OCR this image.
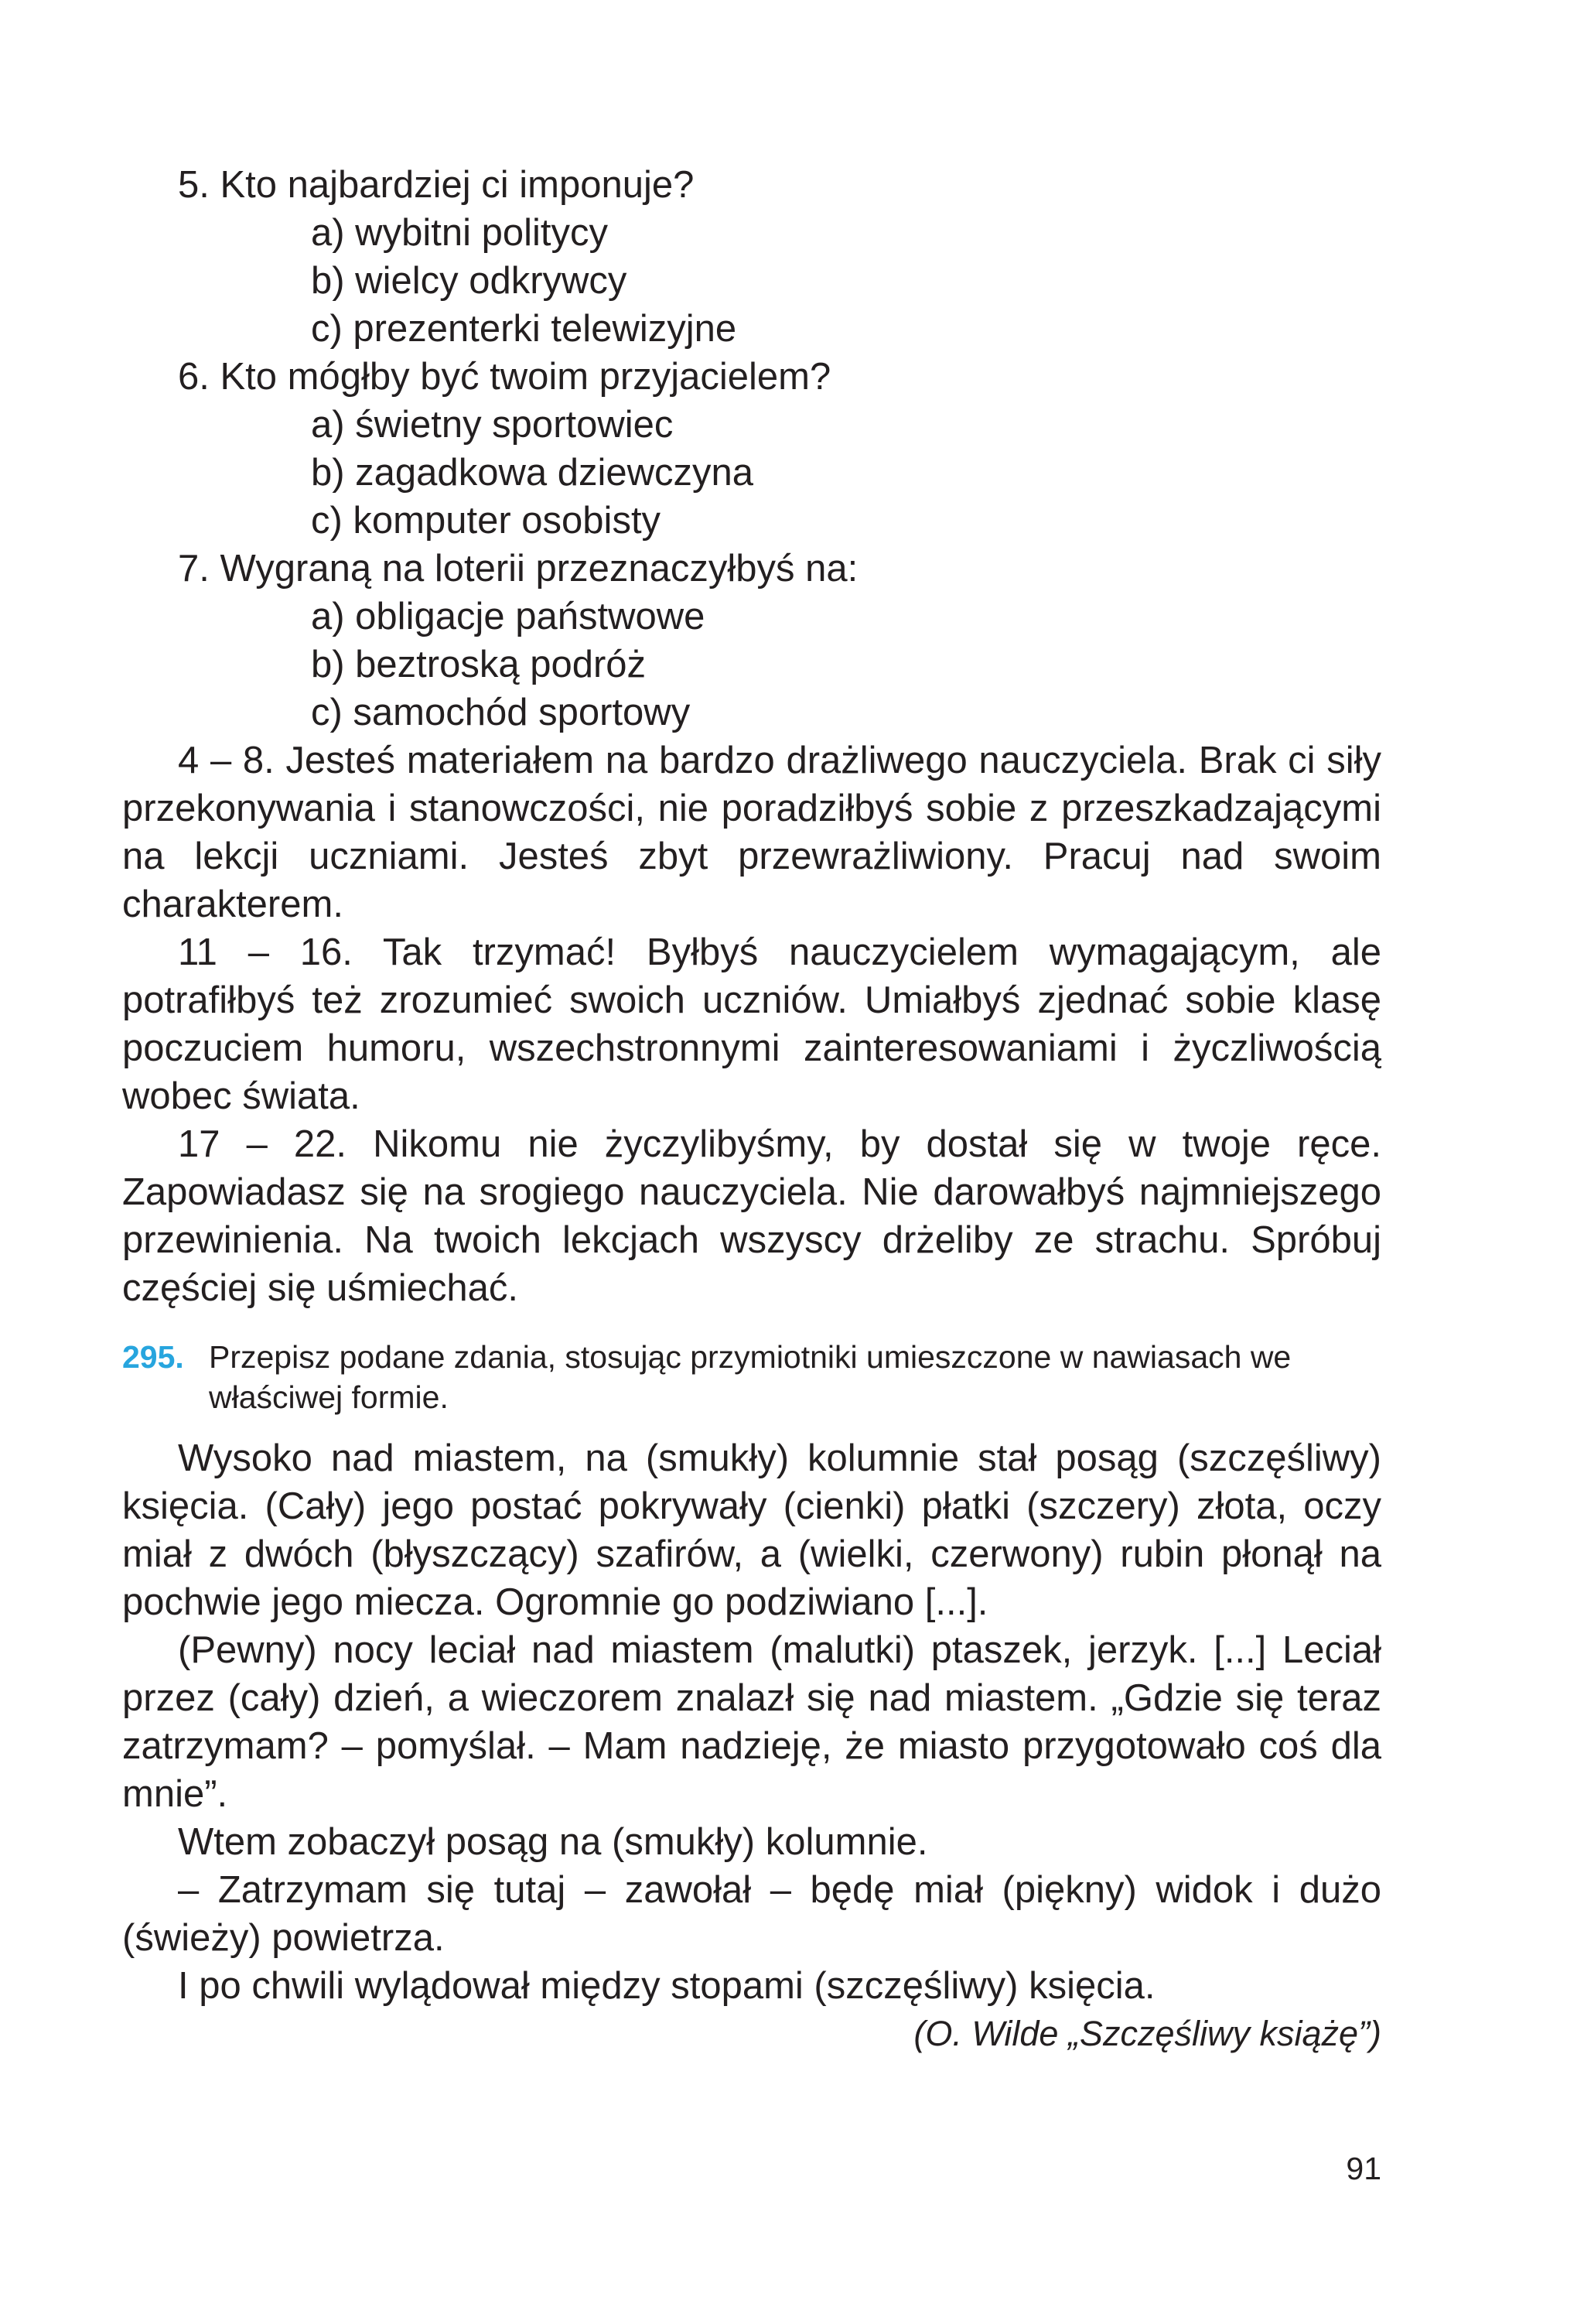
5. Kto najbardziej ci imponuje?
a) wybitni politycy
b) wielcy odkrywcy
c) prezenterki telewizyjne
6. Kto mógłby być twoim przyjacielem?
a) świetny sportowiec
b) zagadkowa dziewczyna
c) komputer osobisty
7. Wygraną na loterii przeznaczyłbyś na:
a) obligacje państwowe
b) beztroską podróż
c) samochód sportowy

4 – 8. Jesteś materiałem na bardzo drażliwego nauczyciela. Brak ci siły przekonywania i stanowczości, nie poradziłbyś sobie z przeszkadzającymi na lekcji uczniami. Jesteś zbyt przewrażliwiony. Pracuj nad swoim charakterem.

11 – 16. Tak trzymać! Byłbyś nauczycielem wymagającym, ale potrafiłbyś też zrozumieć swoich uczniów. Umiałbyś zjednać sobie klasę poczuciem humoru, wszechstronnymi zainteresowaniami i życzliwością wobec świata.

17 – 22. Nikomu nie życzylibyśmy, by dostał się w twoje ręce. Zapowiadasz się na srogiego nauczyciela. Nie darowałbyś najmniejszego przewinienia. Na twoich lekcjach wszyscy drżeliby ze strachu. Spróbuj częściej się uśmiechać.

295. Przepisz podane zdania, stosując przymiotniki umieszczone w nawiasach we właściwej formie.

Wysoko nad miastem, na (smukły) kolumnie stał posąg (szczęśliwy) księcia. (Cały) jego postać pokrywały (cienki) płatki (szczery) złota, oczy miał z dwóch (błyszczący) szafirów, a (wielki, czerwony) rubin płonął na pochwie jego miecza. Ogromnie go podziwiano [...].

(Pewny) nocy leciał nad miastem (malutki) ptaszek, jerzyk. [...] Leciał przez (cały) dzień, a wieczorem znalazł się nad miastem. „Gdzie się teraz zatrzymam? – pomyślał. – Mam nadzieję, że miasto przygotowało coś dla mnie”.

Wtem zobaczył posąg na (smukły) kolumnie.

– Zatrzymam się tutaj – zawołał – będę miał (piękny) widok i dużo (świeży) powietrza.

I po chwili wylądował między stopami (szczęśliwy) księcia.

(O. Wilde „Szczęśliwy książę”)
91
